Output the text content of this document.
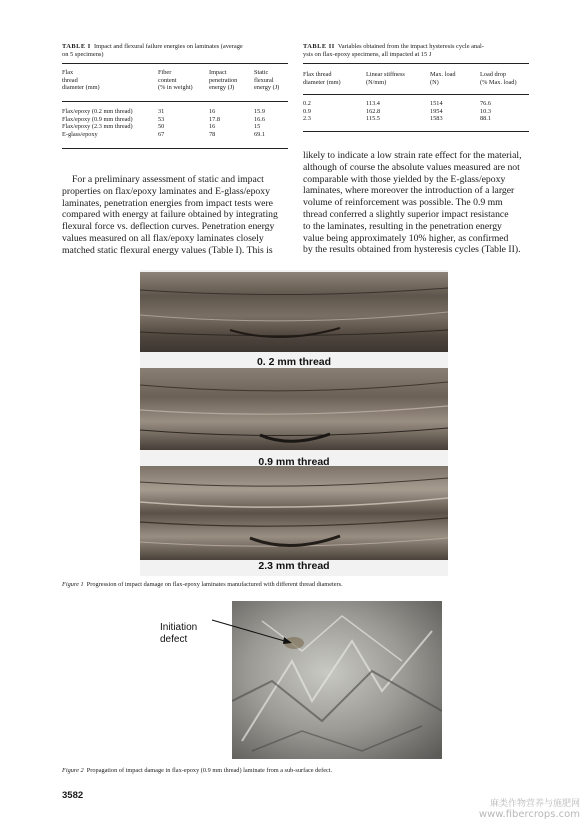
TABLE I Impact and flexural failure energies on laminates (average
on 5 specimens)
Flax
thread
diameter (mm)	Fiber
content
(% in weight)	Impact
penetration
energy (J)	Static
flexural
energy (J)
Flax/epoxy (0.2 mm thread)	31	16	15.9
Flax/epoxy (0.9 mm thread)	53	17.8	16.6
Flax/epoxy (2.3 mm thread)	50	16	15
E-glass/epoxy	67	78	69.1
TABLE II Variables obtained from the impact hysteresis cycle anal-
ysis on flax-epoxy specimens, all impacted at 15 J
Flax thread
diameter (mm)	Linear stiffness
(N/mm)	Max. load
(N)	Load drop
(% Max. load)
0.2	113.4	1514	76.6
0.9	162.8	1954	10.3
2.3	115.5	1583	88.1
For a preliminary assessment of static and impact
properties on flax/epoxy laminates and E-glass/epoxy
laminates, penetration energies from impact tests were
compared with energy at failure obtained by integrating
flexural force vs. deflection curves. Penetration energy
values measured on all flax/epoxy laminates closely
matched static flexural energy values (Table I). This is
likely to indicate a low strain rate effect for the material,
although of course the absolute values measured are not
comparable with those yielded by the E-glass/epoxy
laminates, where moreover the introduction of a larger
volume of reinforcement was possible. The 0.9 mm
thread conferred a slightly superior impact resistance
to the laminates, resulting in the penetration energy
value being approximately 10% higher, as confirmed
by the results obtained from hysteresis cycles (Table II).
0. 2 mm thread
0.9 mm thread
2.3 mm thread
Figure 1 Progression of impact damage on flax-epoxy laminates manufactured with different thread diameters.
Initiation
defect
Figure 2 Propagation of impact damage in flax-epoxy (0.9 mm thread) laminate from a sub-surface defect.
3582
麻类作物营养与施肥网
www.fibercrops.com
